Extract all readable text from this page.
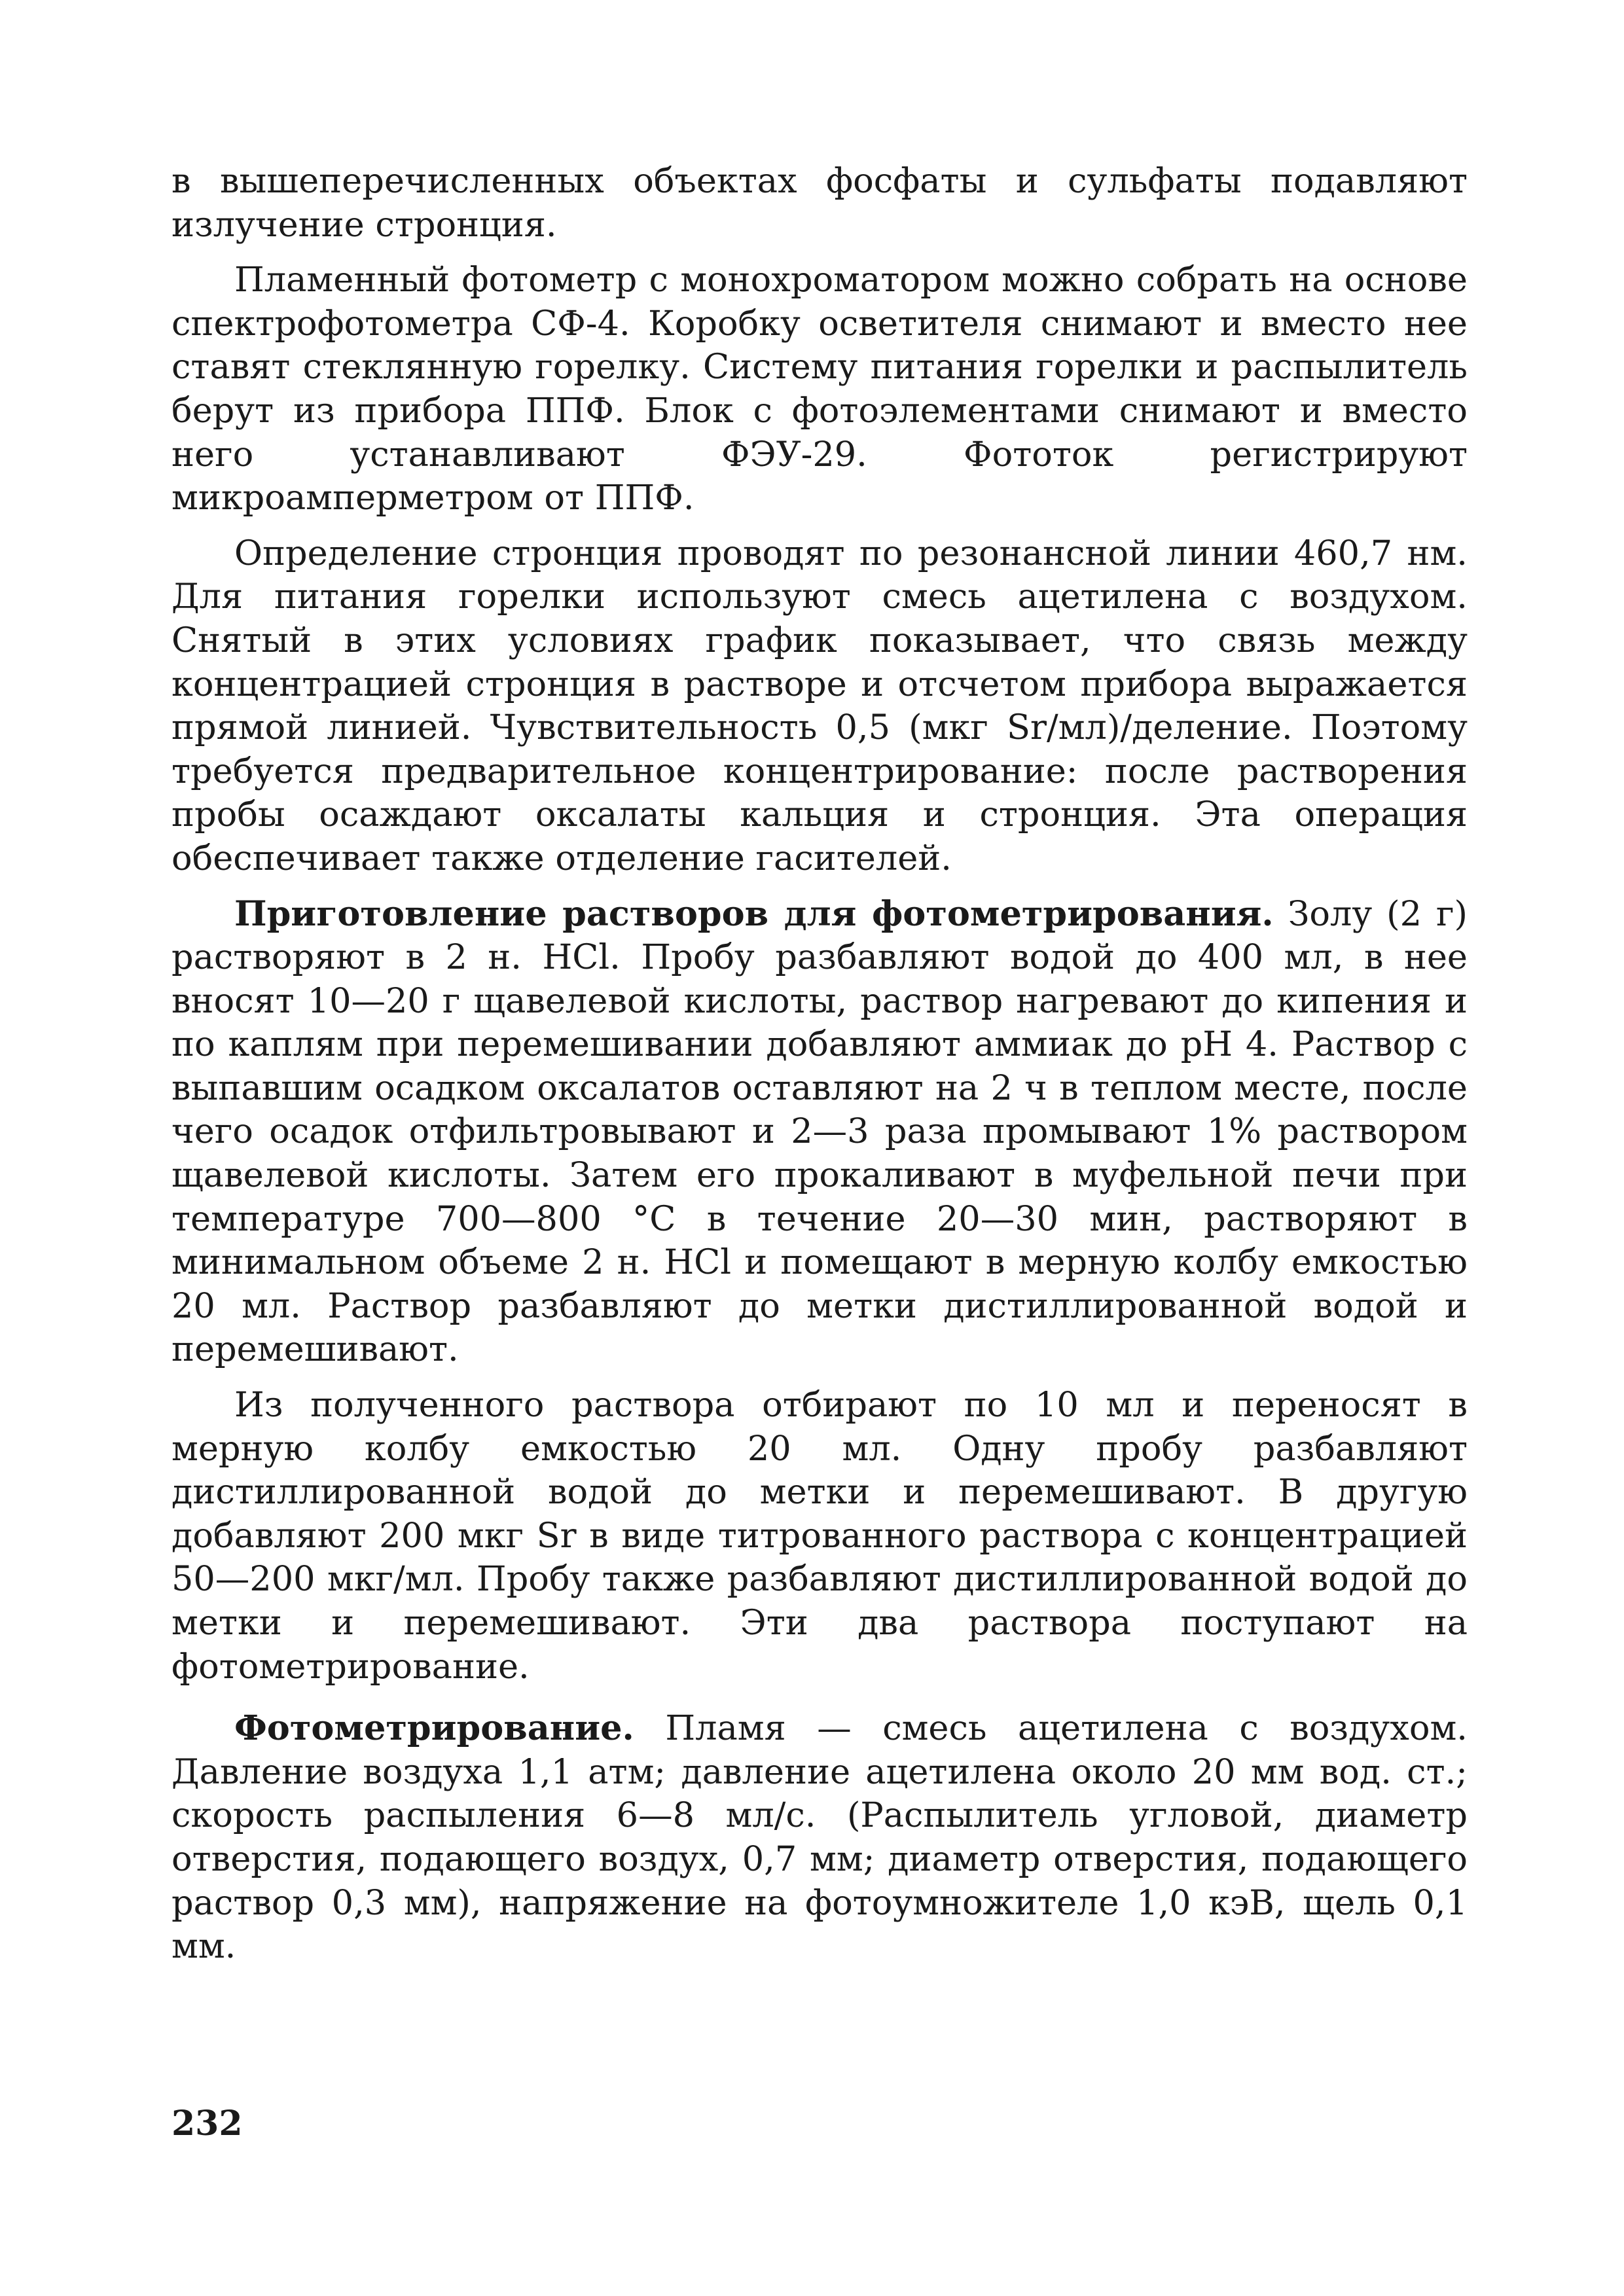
в вышеперечисленных объектах фосфаты и сульфаты подавляют излучение стронция.

Пламенный фотометр с монохроматором можно собрать на основе спектрофотометра СФ-4. Коробку осветителя снимают и вместо нее ставят стеклянную горелку. Систему питания горелки и распылитель берут из прибора ППФ. Блок с фотоэлементами снимают и вместо него устанавливают ФЭУ-29. Фототок регистрируют микроамперметром от ППФ.

Определение стронция проводят по резонансной линии 460,7 нм. Для питания горелки используют смесь ацетилена с воздухом. Снятый в этих условиях график показывает, что связь между концентрацией стронция в растворе и отсчетом прибора выражается прямой линией. Чувствительность 0,5 (мкг Sr/мл)/деление. Поэтому требуется предварительное концентрирование: после растворения пробы осаждают оксалаты кальция и стронция. Эта операция обеспечивает также отделение гасителей.

Приготовление растворов для фотометрирования. Золу (2 г) растворяют в 2 н. HCl. Пробу разбавляют водой до 400 мл, в нее вносят 10—20 г щавелевой кислоты, раствор нагревают до кипения и по каплям при перемешивании добавляют аммиак до pH 4. Раствор с выпавшим осадком оксалатов оставляют на 2 ч в теплом месте, после чего осадок отфильтровывают и 2—3 раза промывают 1% раствором щавелевой кислоты. Затем его прокаливают в муфельной печи при температуре 700—800 °C в течение 20—30 мин, растворяют в минимальном объеме 2 н. HCl и помещают в мерную колбу емкостью 20 мл. Раствор разбавляют до метки дистиллированной водой и перемешивают.

Из полученного раствора отбирают по 10 мл и переносят в мерную колбу емкостью 20 мл. Одну пробу разбавляют дистиллированной водой до метки и перемешивают. В другую добавляют 200 мкг Sr в виде титрованного раствора с концентрацией 50—200 мкг/мл. Пробу также разбавляют дистиллированной водой до метки и перемешивают. Эти два раствора поступают на фотометрирование.

Фотометрирование. Пламя — смесь ацетилена с воздухом. Давление воздуха 1,1 атм; давление ацетилена около 20 мм вод. ст.; скорость распыления 6—8 мл/с. (Распылитель угловой, диаметр отверстия, подающего воздух, 0,7 мм; диаметр отверстия, подающего раствор 0,3 мм), напряжение на фотоумножителе 1,0 кэВ, щель 0,1 мм.

232
